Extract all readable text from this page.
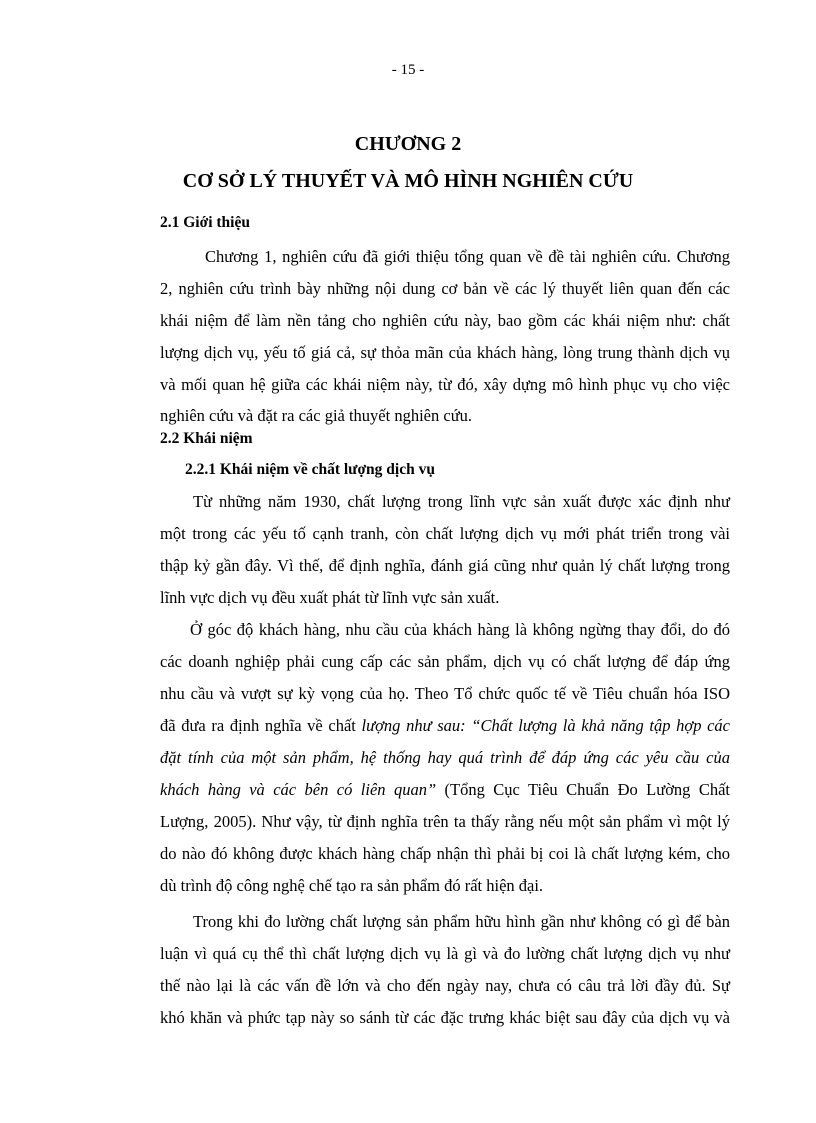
- 15 -
CHƯƠNG 2
CƠ SỞ LÝ THUYẾT VÀ MÔ HÌNH NGHIÊN CỨU
2.1 Giới thiệu
Chương 1, nghiên cứu đã giới thiệu tổng quan về đề tài nghiên cứu. Chương
2, nghiên cứu trình bày những nội dung cơ bản về các lý thuyết liên quan đến các
khái niệm để làm nền tảng cho nghiên cứu này, bao gồm các khái niệm như: chất
lượng dịch vụ, yếu tố giá cả, sự thỏa mãn của khách hàng, lòng trung thành dịch vụ
và mối quan hệ giữa các khái niệm này, từ đó, xây dựng mô hình phục vụ cho việc
nghiên cứu và đặt ra các giả thuyết nghiên cứu.
2.2 Khái niệm
2.2.1 Khái niệm về chất lượng dịch vụ
Từ những năm 1930, chất lượng trong lĩnh vực sản xuất được xác định như
một trong các yếu tố cạnh tranh, còn chất lượng dịch vụ mới phát triển trong vài
thập kỷ gần đây. Vì thế, để định nghĩa, đánh giá cũng như quản lý chất lượng trong
lĩnh vực dịch vụ đều xuất phát từ lĩnh vực sản xuất.
Ở góc độ khách hàng, nhu cầu của khách hàng là không ngừng thay đổi, do đó
các doanh nghiệp phải cung cấp các sản phẩm, dịch vụ có chất lượng để đáp ứng
nhu cầu và vượt sự kỳ vọng của họ. Theo Tổ chức quốc tế về Tiêu chuẩn hóa ISO
đã đưa ra định nghĩa về chất lượng như sau: “Chất lượng là khả năng tập hợp các
đặt tính của một sản phẩm, hệ thống hay quá trình để đáp ứng các yêu cầu của
khách hàng và các bên có liên quan” (Tổng Cục Tiêu Chuẩn Đo Lường Chất
Lượng, 2005). Như vậy, từ định nghĩa trên ta thấy rằng nếu một sản phẩm vì một lý
do nào đó không được khách hàng chấp nhận thì phải bị coi là chất lượng kém, cho
dù trình độ công nghệ chế tạo ra sản phẩm đó rất hiện đại.
Trong khi đo lường chất lượng sản phẩm hữu hình gần như không có gì để bàn
luận vì quá cụ thể thì chất lượng dịch vụ là gì và đo lường chất lượng dịch vụ như
thế nào lại là các vấn đề lớn và cho đến ngày nay, chưa có câu trả lời đầy đủ. Sự
khó khăn và phức tạp này so sánh từ các đặc trưng khác biệt sau đây của dịch vụ và
